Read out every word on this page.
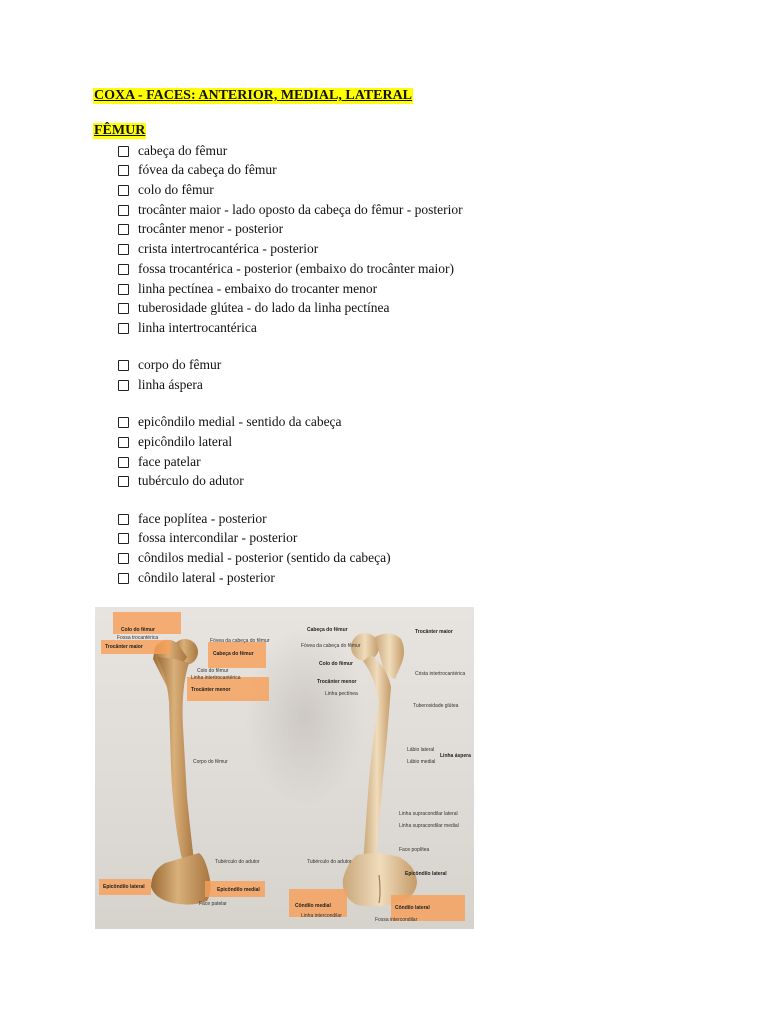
COXA - FACES: ANTERIOR, MEDIAL, LATERAL
FÊMUR
cabeça do fêmur
fóvea da cabeça do fêmur
colo do fêmur
trocânter maior - lado oposto da cabeça do fêmur - posterior
trocânter menor - posterior
crista intertrocantérica - posterior
fossa trocantérica - posterior (embaixo do trocânter maior)
linha pectínea - embaixo do trocanter menor
tuberosidade glútea - do lado da linha pectínea
linha intertrocantérica
corpo do fêmur
linha áspera
epicôndilo medial - sentido da cabeça
epicôndilo lateral
face patelar
tubérculo do adutor
face poplítea - posterior
fossa intercondilar - posterior
côndilos medial - posterior (sentido da cabeça)
côndilo lateral - posterior
Colo do fêmur
Fossa trocantérica
Trocânter maior
Fóvea da cabeça do fêmur
Cabeça do fêmur
Colo do fêmur
Linha intertrocantérica
Trocânter menor
Corpo do fêmur
Tubérculo do adutor
Epicôndilo lateral	Epicôndilo medial
Face patelar
Cabeça do fêmur	Trocânter maior
Fóvea da cabeça do fêmur
Crista intertrocantérica
Colo do fêmur
Trocânter menor
Linha pectínea
Tuberosidade glútea
Lábio lateral
Lábio medial
Linha áspera
Linha supracondilar lateral
Linha supracondilar medial
Face poplítea
Tubérculo do adutor
Epicôndilo lateral
Côndilo medial	Côndilo lateral
Linha intercondilar
Fossa intercondilar
